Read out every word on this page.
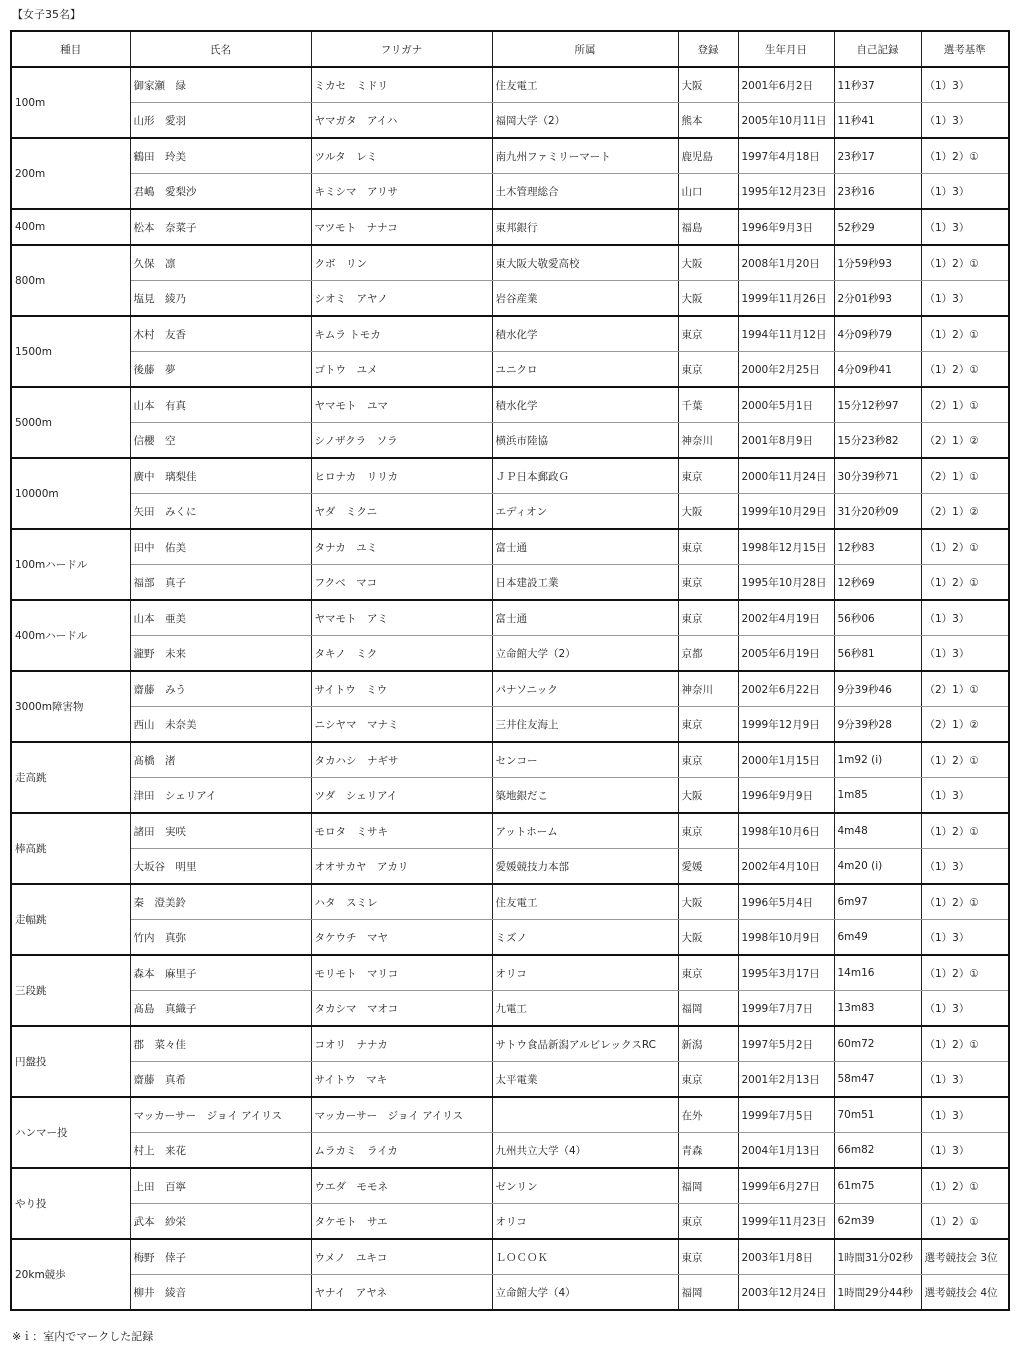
【女子35名】
種目	氏名	フリガナ	所属	登録	生年月日	自己記録	選考基準
100m	御家瀬　緑	ミカセ　ミドリ	住友電工	大阪	2001年6月2日	11秒37	（1）3）
	山形　愛羽	ヤマガタ　アイハ	福岡大学（2）	熊本	2005年10月11日	11秒41	（1）3）
200m	鶴田　玲美	ツルタ　レミ	南九州ファミリーマート	鹿児島	1997年4月18日	23秒17	（1）2）①
	君嶋　愛梨沙	キミシマ　アリサ	土木管理総合	山口	1995年12月23日	23秒16	（1）3）
400m	松本　奈菜子	マツモト　ナナコ	東邦銀行	福島	1996年9月3日	52秒29	（1）3）
800m	久保　凛	クボ　リン	東大阪大敬愛高校	大阪	2008年1月20日	1分59秒93	（1）2）①
	塩見　綾乃	シオミ　アヤノ	岩谷産業	大阪	1999年11月26日	2分01秒93	（1）3）
1500m	木村　友香	キムラ トモカ	積水化学	東京	1994年11月12日	4分09秒79	（1）2）①
	後藤　夢	ゴトウ　ユメ	ユニクロ	東京	2000年2月25日	4分09秒41	（1）2）①
5000m	山本　有真	ヤマモト　ユマ	積水化学	千葉	2000年5月1日	15分12秒97	（2）1）①
	信櫻　空	シノザクラ　ソラ	横浜市陸協	神奈川	2001年8月9日	15分23秒82	（2）1）②
10000m	廣中　璃梨佳	ヒロナカ　リリカ	ＪＰ日本郵政Ｇ	東京	2000年11月24日	30分39秒71	（2）1）①
	矢田　みくに	ヤダ　ミクニ	エディオン	大阪	1999年10月29日	31分20秒09	（2）1）②
100mハードル	田中　佑美	タナカ　ユミ	富士通	東京	1998年12月15日	12秒83	（1）2）①
	福部　真子	フクベ　マコ	日本建設工業	東京	1995年10月28日	12秒69	（1）2）①
400mハードル	山本　亜美	ヤマモト　アミ	富士通	東京	2002年4月19日	56秒06	（1）3）
	瀧野　未来	タキノ　ミク	立命館大学（2）	京都	2005年6月19日	56秒81	（1）3）
3000m障害物	齋藤　みう	サイトウ　ミウ	パナソニック	神奈川	2002年6月22日	9分39秒46	（2）1）①
	西山　未奈美	ニシヤマ　マナミ	三井住友海上	東京	1999年12月9日	9分39秒28	（2）1）②
走高跳	髙橋　渚	タカハシ　ナギサ	センコー	東京	2000年1月15日	1m92 (i)	（1）2）①
	津田　シェリアイ	ツダ　シェリアイ	築地銀だこ	大阪	1996年9月9日	1m85	（1）3）
棒高跳	諸田　実咲	モロタ　ミサキ	アットホーム	東京	1998年10月6日	4m48	（1）2）①
	大坂谷　明里	オオサカヤ　アカリ	愛媛競技力本部	愛媛	2002年4月10日	4m20 (i)	（1）3）
走幅跳	秦　澄美鈴	ハタ　スミレ	住友電工	大阪	1996年5月4日	6m97	（1）2）①
	竹内　真弥	タケウチ　マヤ	ミズノ	大阪	1998年10月9日	6m49	（1）3）
三段跳	森本　麻里子	モリモト　マリコ	オリコ	東京	1995年3月17日	14m16	（1）2）①
	髙島　真織子	タカシマ　マオコ	九電工	福岡	1999年7月7日	13m83	（1）3）
円盤投	郡　菜々佳	コオリ　ナナカ	サトウ食品新潟アルビレックスRC	新潟	1997年5月2日	60m72	（1）2）①
	齋藤　真希	サイトウ　マキ	太平電業	東京	2001年2月13日	58m47	（1）3）
ハンマー投	マッカーサー　ジョイ アイリス	マッカーサー　ジョイ アイリス		在外	1999年7月5日	70m51	（1）3）
	村上　来花	ムラカミ　ライカ	九州共立大学（4）	青森	2004年1月13日	66m82	（1）3）
やり投	上田　百寧	ウエダ　モモネ	ゼンリン	福岡	1999年6月27日	61m75	（1）2）①
	武本　紗栄	タケモト　サエ	オリコ	東京	1999年11月23日	62m39	（1）2）①
20km競歩	梅野　倖子	ウメノ　ユキコ	ＬＯＣＯＫ	東京	2003年1月8日	1時間31分02秒	選考競技会 3位
	柳井　綾音	ヤナイ　アヤネ	立命館大学（4）	福岡	2003年12月24日	1時間29分44秒	選考競技会 4位
※ｉ：室内でマークした記録
